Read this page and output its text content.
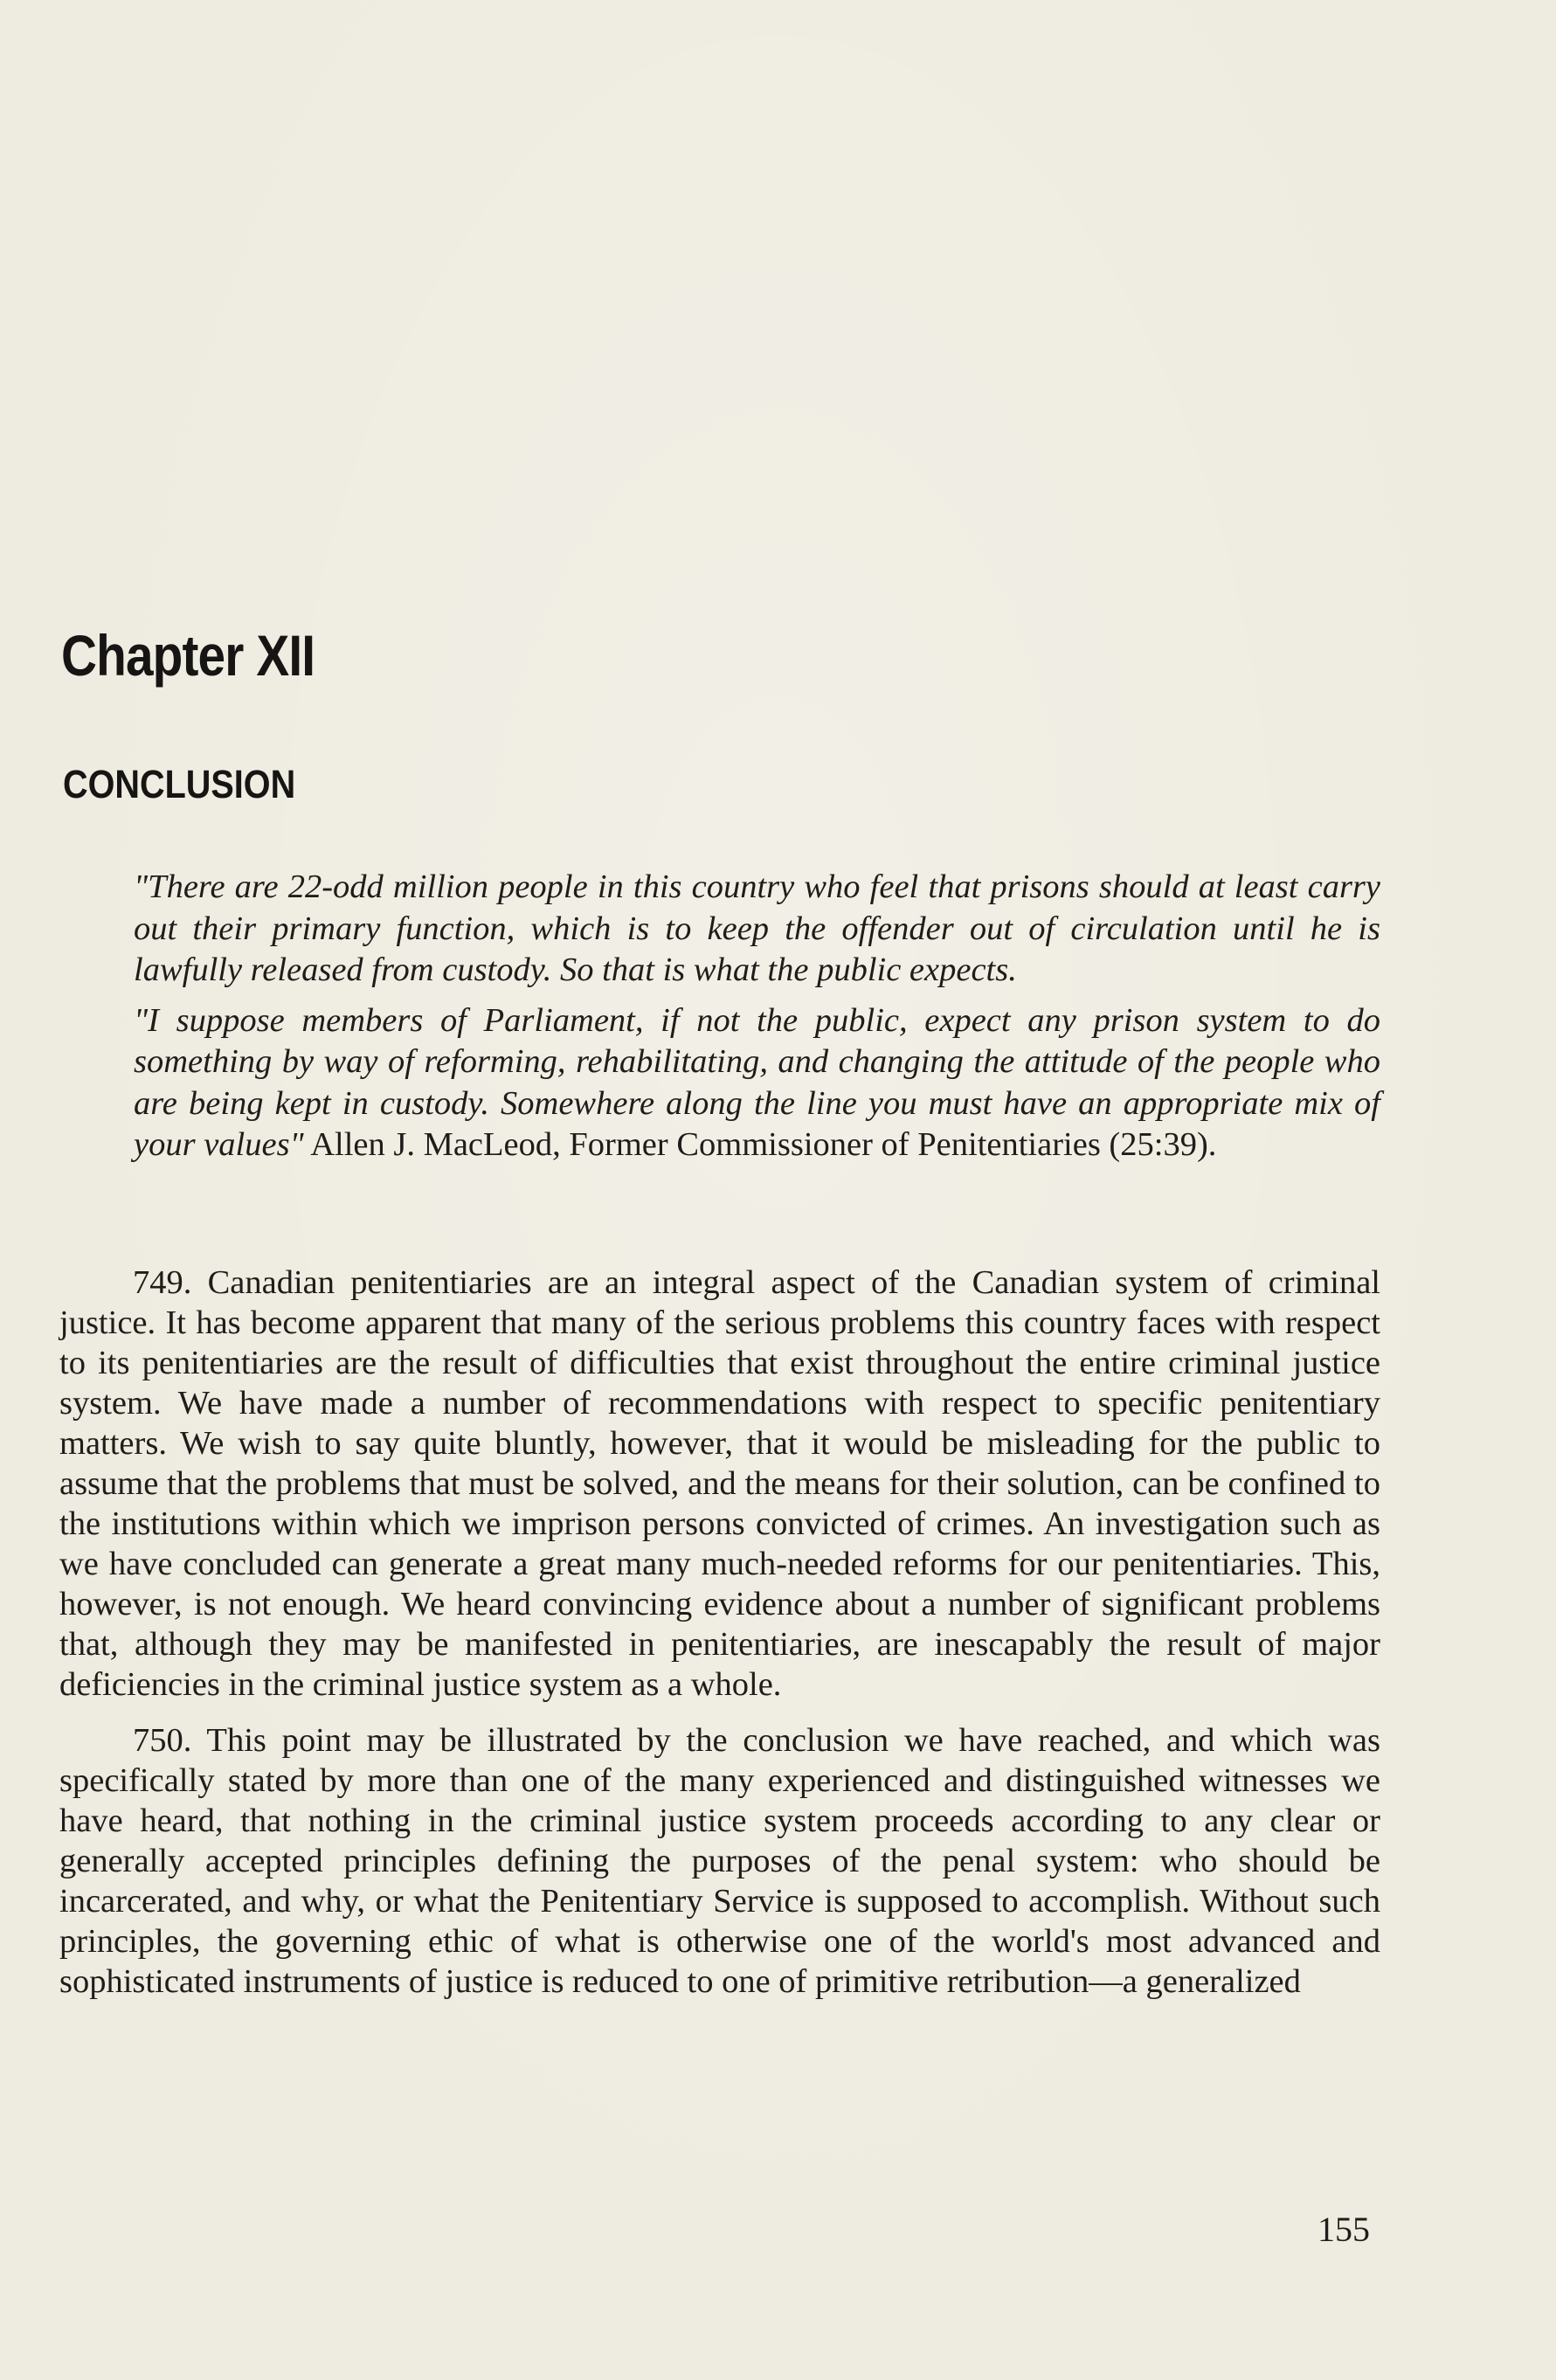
Chapter XII
CONCLUSION

"There are 22-odd million people in this country who feel that prisons should at least carry out their primary function, which is to keep the offender out of circulation until he is lawfully released from custody. So that is what the public expects.

"I suppose members of Parliament, if not the public, expect any prison system to do something by way of reforming, rehabilitating, and changing the attitude of the people who are being kept in custody. Somewhere along the line you must have an appropriate mix of your values" Allen J. MacLeod, Former Commissioner of Penitentiaries (25:39).

749. Canadian penitentiaries are an integral aspect of the Canadian system of criminal justice. It has become apparent that many of the serious problems this country faces with respect to its penitentiaries are the result of difficulties that exist throughout the entire criminal justice system. We have made a number of recommendations with respect to specific penitentiary matters. We wish to say quite bluntly, however, that it would be misleading for the public to assume that the problems that must be solved, and the means for their solution, can be confined to the institutions within which we imprison persons convicted of crimes. An investigation such as we have concluded can generate a great many much-needed reforms for our penitentiaries. This, however, is not enough. We heard convincing evidence about a number of significant problems that, although they may be manifested in penitentiaries, are inescapably the result of major deficiencies in the criminal justice system as a whole.

750. This point may be illustrated by the conclusion we have reached, and which was specifically stated by more than one of the many experienced and distinguished witnesses we have heard, that nothing in the criminal justice system proceeds according to any clear or generally accepted principles defining the purposes of the penal system: who should be incarcerated, and why, or what the Penitentiary Service is supposed to accomplish. Without such principles, the governing ethic of what is otherwise one of the world's most advanced and sophisticated instruments of justice is reduced to one of primitive retribution—a generalized

155
